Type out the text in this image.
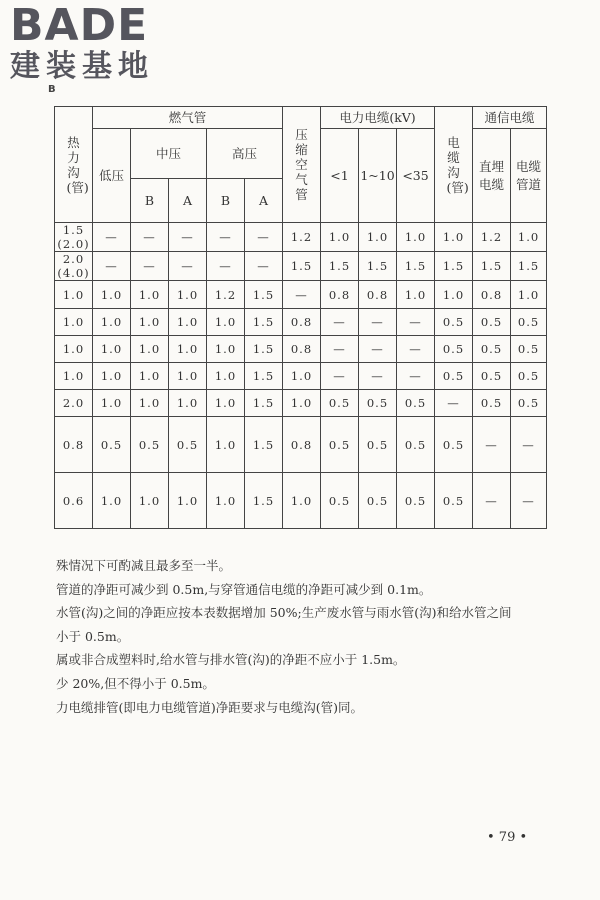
BADE
建装基地
B
热力沟(管)	燃气管					压缩空气管	电力电缆(kV)			电缆沟(管)	通信电缆	
	低压	中压		高压			<1	1~10	<35		直埋电缆	电缆管道
		B	A	B	A							
1.5
(2.0)	—	—	—	—	—	1.2	1.0	1.0	1.0	1.0	1.2	1.0
2.0
(4.0)	—	—	—	—	—	1.5	1.5	1.5	1.5	1.5	1.5	1.5
1.0	1.0	1.0	1.0	1.2	1.5	—	0.8	0.8	1.0	1.0	0.8	1.0
1.0	1.0	1.0	1.0	1.0	1.5	0.8	—	—	—	0.5	0.5	0.5
1.0	1.0	1.0	1.0	1.0	1.5	0.8	—	—	—	0.5	0.5	0.5
1.0	1.0	1.0	1.0	1.0	1.5	1.0	—	—	—	0.5	0.5	0.5
2.0	1.0	1.0	1.0	1.0	1.5	1.0	0.5	0.5	0.5	—	0.5	0.5
0.8	0.5	0.5	0.5	1.0	1.5	0.8	0.5	0.5	0.5	0.5	—	—
0.6	1.0	1.0	1.0	1.0	1.5	1.0	0.5	0.5	0.5	0.5	—	—

殊情况下可酌减且最多至一半。

管道的净距可减少到 0.5m,与穿管通信电缆的净距可减少到 0.1m。

水管(沟)之间的净距应按本表数据增加 50%;生产废水管与雨水管(沟)和给水管之间

小于 0.5m。

属或非合成塑料时,给水管与排水管(沟)的净距不应小于 1.5m。

少 20%,但不得小于 0.5m。

力电缆排管(即电力电缆管道)净距要求与电缆沟(管)同。

• 79 •
